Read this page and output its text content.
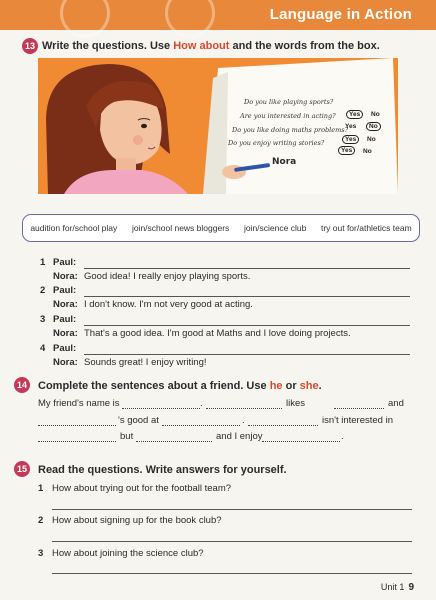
Language in Action
13 Write the questions. Use How about and the words from the box.
Do you like playing sports?
Are you interested in acting?
Do you like doing maths problems?
Do you enjoy writing stories?
Yes	No
Yes	No
Yes	No
Yes	No
Nora
audition for/school play join/school news bloggers join/science club try out for/athletics team
1 Paul:
Nora: Good idea! I really enjoy playing sports.
2 Paul:
Nora: I don't know. I'm not very good at acting.
3 Paul:
Nora: That's a good idea. I'm good at Maths and I love doing projects.
4 Paul:
Nora: Sounds great! I enjoy writing!
14 Complete the sentences about a friend. Use he or she.
My friend's name is	.	likes	and
's good at	.	isn't interested in
but	and I enjoy	.
15 Read the questions. Write answers for yourself.
1 How about trying out for the football team?
2 How about signing up for the book club?
3 How about joining the science club?
Unit 1 9
